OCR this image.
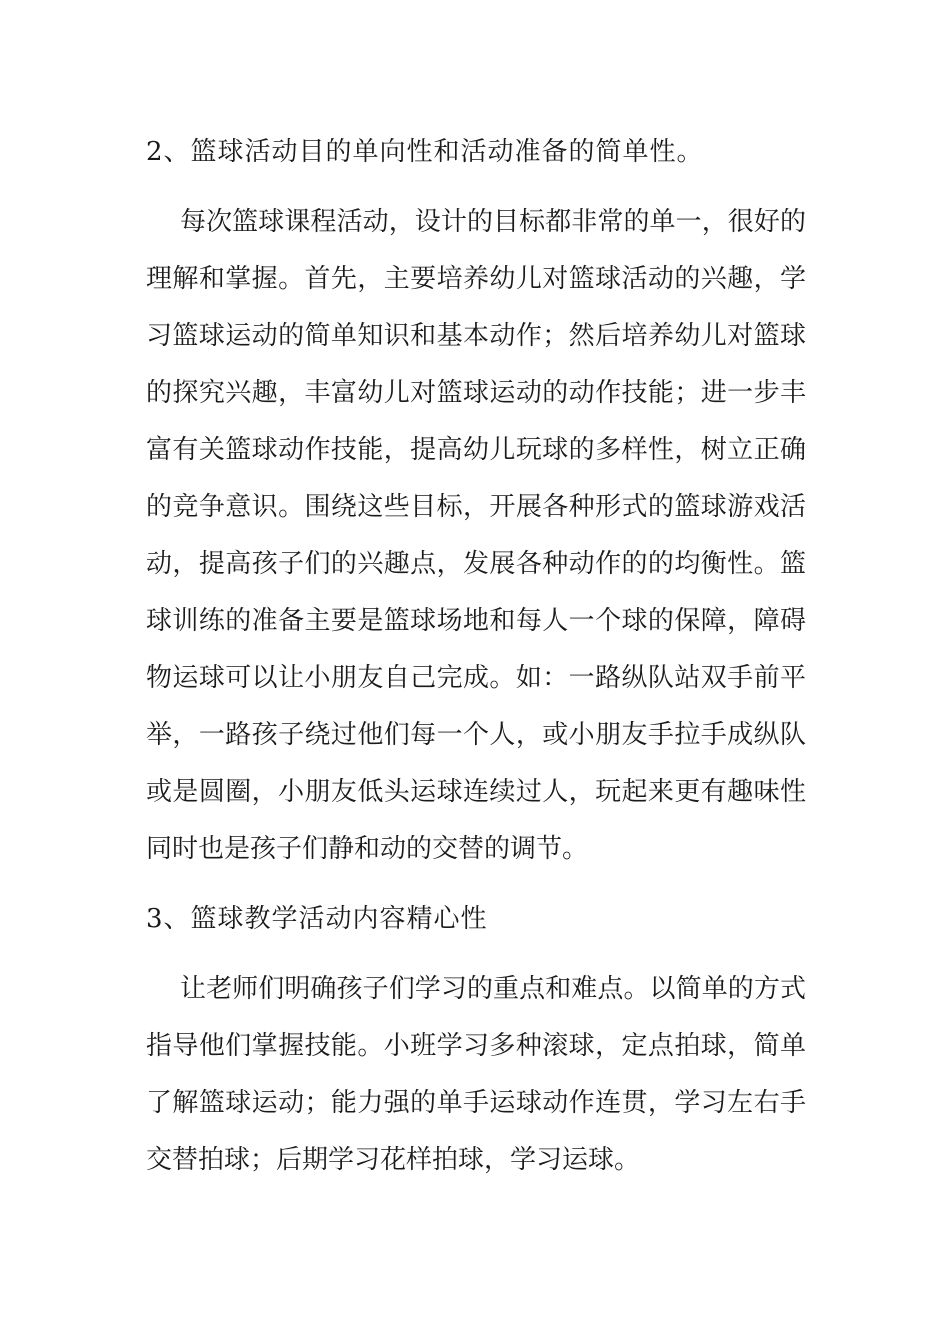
2、篮球活动目的单向性和活动准备的简单性。
每次篮球课程活动，设计的目标都非常的单一，很好的
理解和掌握。首先，主要培养幼儿对篮球活动的兴趣，学
习篮球运动的简单知识和基本动作；然后培养幼儿对篮球
的探究兴趣，丰富幼儿对篮球运动的动作技能；进一步丰
富有关篮球动作技能，提高幼儿玩球的多样性，树立正确
的竞争意识。围绕这些目标，开展各种形式的篮球游戏活
动，提高孩子们的兴趣点，发展各种动作的的均衡性。篮
球训练的准备主要是篮球场地和每人一个球的保障，障碍
物运球可以让小朋友自己完成。如：一路纵队站双手前平
举，一路孩子绕过他们每一个人，或小朋友手拉手成纵队
或是圆圈，小朋友低头运球连续过人，玩起来更有趣味性
同时也是孩子们静和动的交替的调节。
3、篮球教学活动内容精心性
让老师们明确孩子们学习的重点和难点。以简单的方式
指导他们掌握技能。小班学习多种滚球，定点拍球，简单
了解篮球运动；能力强的单手运球动作连贯，学习左右手
交替拍球；后期学习花样拍球，学习运球。
